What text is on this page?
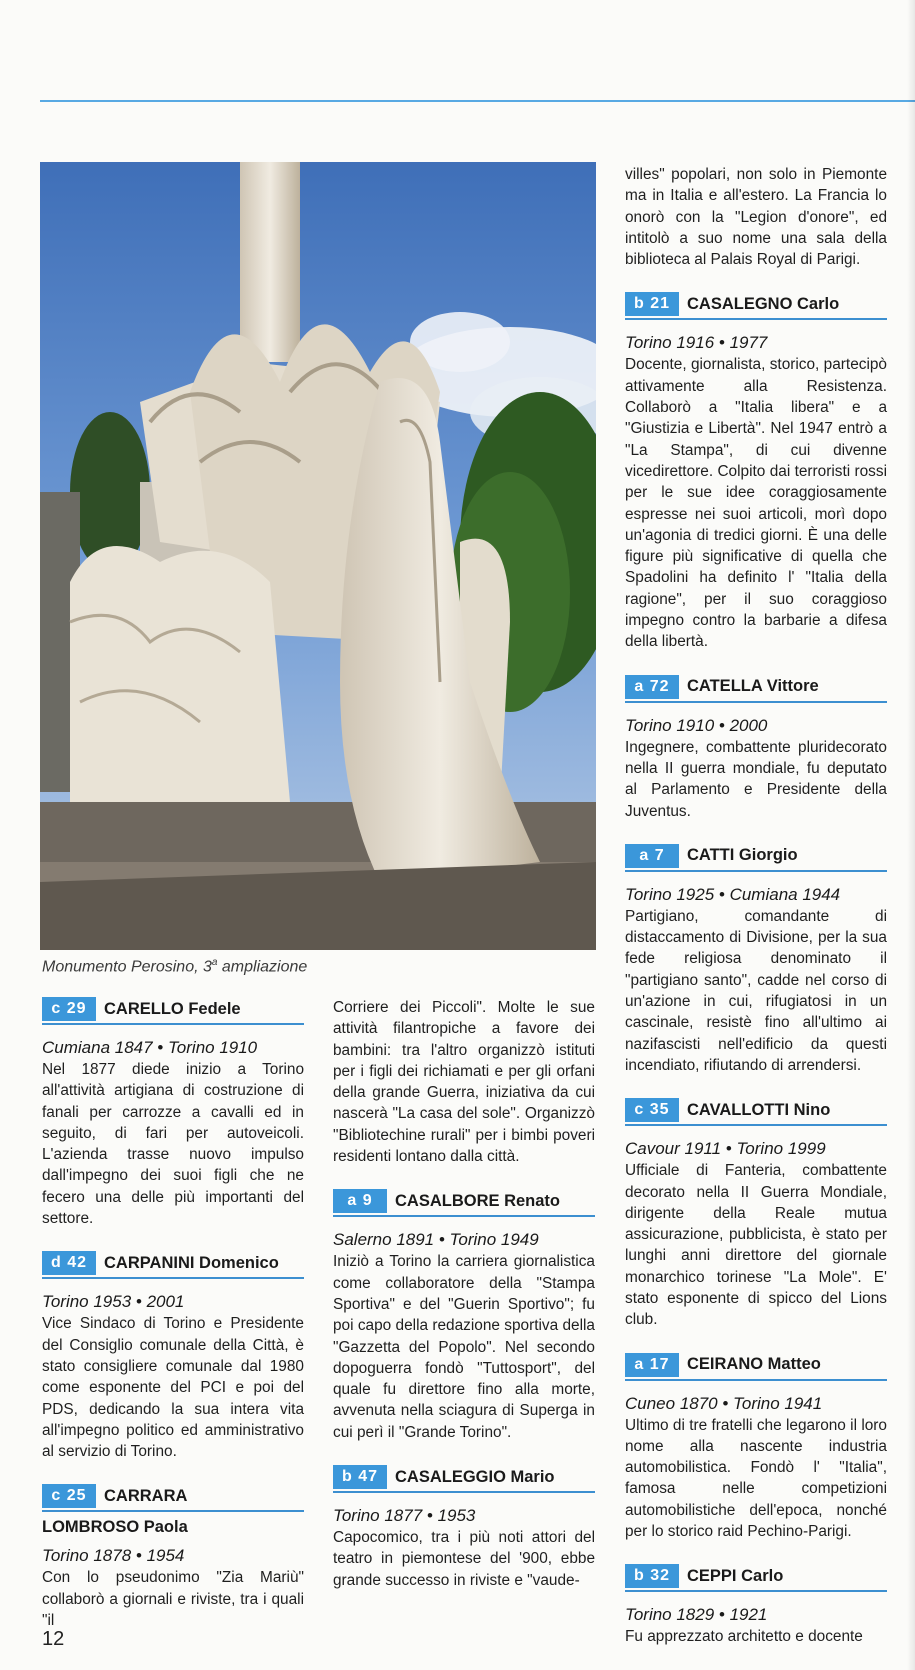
Monumento Perosino, 3$^a$ ampliazione
c 29	CARELLO Fedele
Cumiana 1847 • Torino 1910

Nel 1877 diede inizio a Torino all'attività artigiana di costruzione di fanali per carrozze a cavalli ed in seguito, di fari per autoveicoli. L'azienda trasse nuovo impulso dall'impegno dei suoi figli che ne fecero una delle più importanti del settore.

d 42	CARPANINI Domenico
Torino 1953 • 2001

Vice Sindaco di Torino e Presidente del Consiglio comunale della Città, è stato consigliere comunale dal 1980 come esponente del PCI e poi del PDS, dedicando la sua intera vita all'impegno politico ed amministrativo al servizio di Torino.

c 25	CARRARA
LOMBROSO Paola
Torino 1878 • 1954

Con lo pseudonimo "Zia Mariù" collaborò a giornali e riviste, tra i quali "il

Corriere dei Piccoli". Molte le sue attività filantropiche a favore dei bambini: tra l'altro organizzò istituti per i figli dei richiamati e per gli orfani della grande Guerra, iniziativa da cui nascerà "La casa del sole". Organizzò "Bibliotechine rurali" per i bimbi poveri residenti lontano dalla città.

a 9	CASALBORE Renato
Salerno 1891 • Torino 1949

Iniziò a Torino la carriera giornalistica come collaboratore della "Stampa Sportiva" e del "Guerin Sportivo"; fu poi capo della redazione sportiva della "Gazzetta del Popolo". Nel secondo dopoguerra fondò "Tuttosport", del quale fu direttore fino alla morte, avvenuta nella sciagura di Superga in cui perì il "Grande Torino".

b 47	CASALEGGIO Mario
Torino 1877 • 1953

Capocomico, tra i più noti attori del teatro in piemontese del '900, ebbe grande successo in riviste e "vaude-

villes" popolari, non solo in Piemonte ma in Italia e all'estero. La Francia lo onorò con la "Legion d'onore", ed intitolò a suo nome una sala della biblioteca al Palais Royal di Parigi.

b 21	CASALEGNO Carlo
Torino 1916 • 1977

Docente, giornalista, storico, partecipò attivamente alla Resistenza. Collaborò a "Italia libera" e a "Giustizia e Libertà". Nel 1947 entrò a "La Stampa", di cui divenne vicedirettore. Colpito dai terroristi rossi per le sue idee coraggiosamente espresse nei suoi articoli, morì dopo un'agonia di tredici giorni. È una delle figure più significative di quella che Spadolini ha definito l' "Italia della ragione", per il suo coraggioso impegno contro la barbarie a difesa della libertà.

a 72	CATELLA Vittore
Torino 1910 • 2000

Ingegnere, combattente pluridecorato nella II guerra mondiale, fu deputato al Parlamento e Presidente della Juventus.

a 7	CATTI Giorgio
Torino 1925 • Cumiana 1944

Partigiano, comandante di distaccamento di Divisione, per la sua fede religiosa denominato il "partigiano santo", cadde nel corso di un'azione in cui, rifugiatosi in un cascinale, resistè fino all'ultimo ai nazifascisti nell'edificio da questi incendiato, rifiutando di arrendersi.

c 35	CAVALLOTTI Nino
Cavour 1911 • Torino 1999

Ufficiale di Fanteria, combattente decorato nella II Guerra Mondiale, dirigente della Reale mutua assicurazione, pubblicista, è stato per lunghi anni direttore del giornale monarchico torinese "La Mole". E' stato esponente di spicco del Lions club.

a 17	CEIRANO Matteo
Cuneo 1870 • Torino 1941

Ultimo di tre fratelli che legarono il loro nome alla nascente industria automobilistica. Fondò l' "Italia", famosa nelle competizioni automobilistiche dell'epoca, nonché per lo storico raid Pechino-Parigi.

b 32	CEPPI Carlo
Torino 1829 • 1921

Fu apprezzato architetto e docente

12
